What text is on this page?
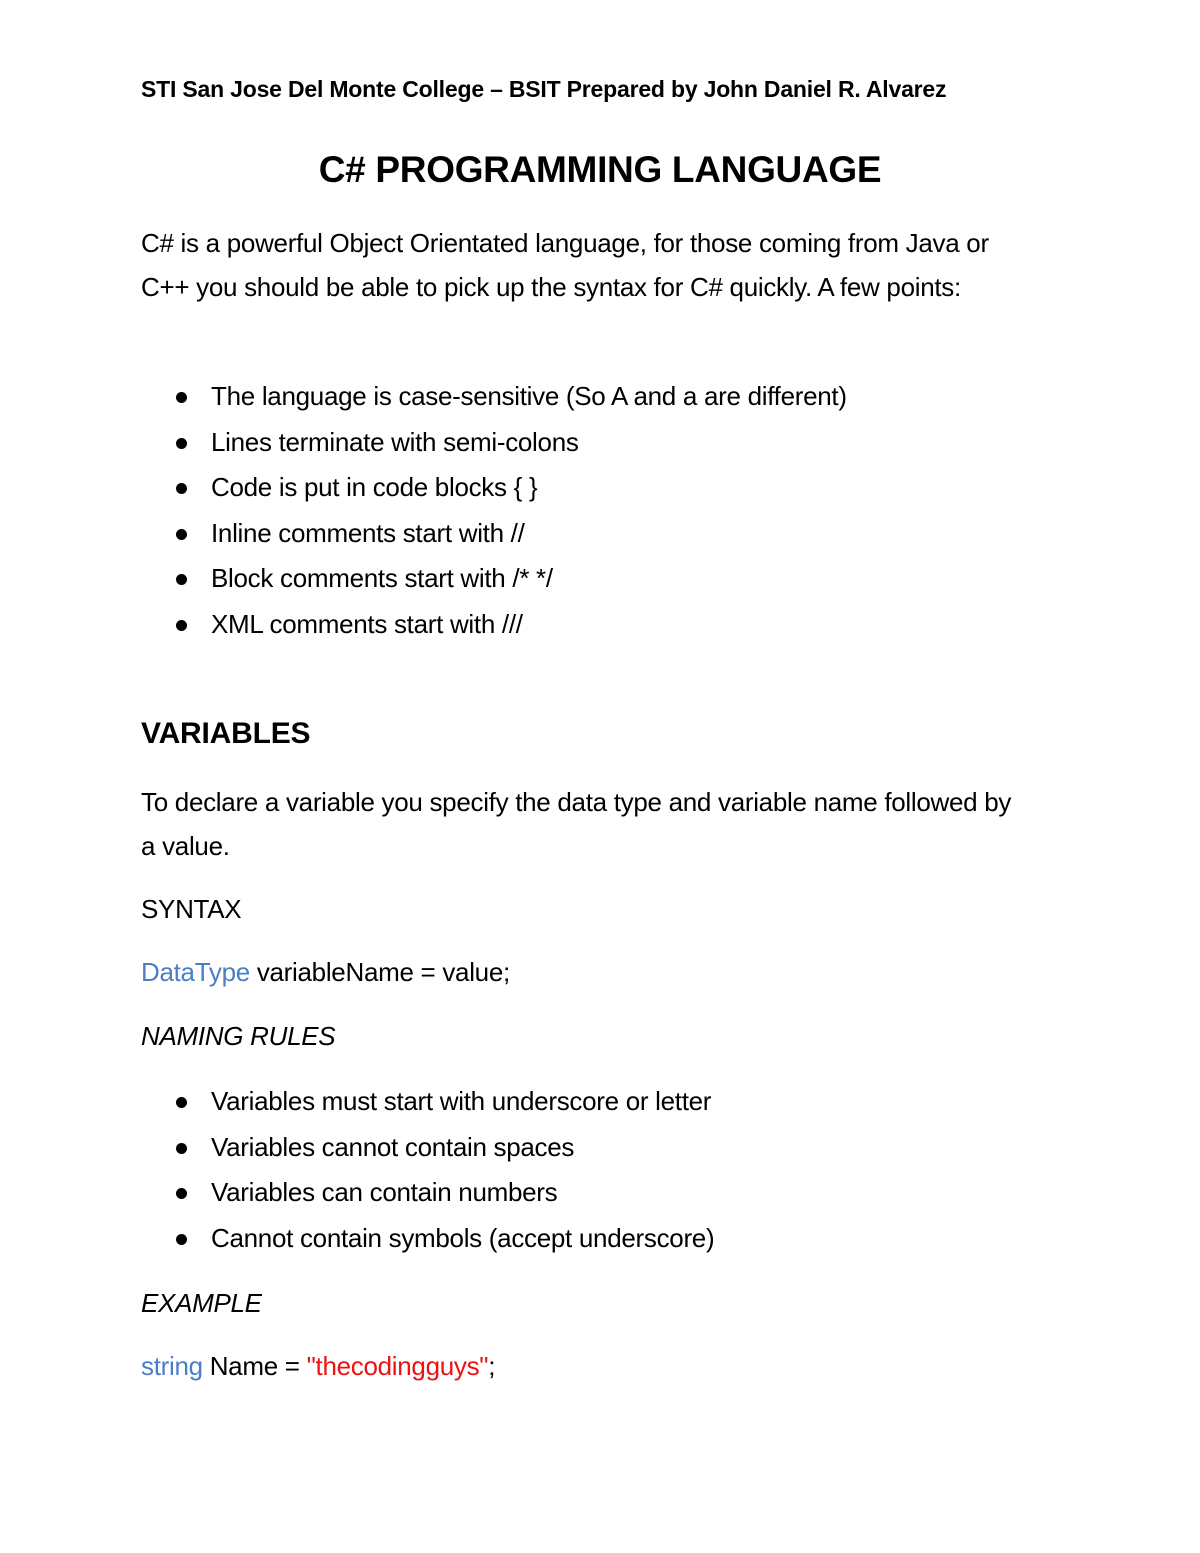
STI San Jose Del Monte College – BSIT Prepared by John Daniel R. Alvarez
C# PROGRAMMING LANGUAGE

C# is a powerful Object Orientated language, for those coming from Java or C++ you should be able to pick up the syntax for C# quickly. A few points:

The language is case-sensitive (So A and a are different)
Lines terminate with semi-colons
Code is put in code blocks { }
Inline comments start with //
Block comments start with /* */
XML comments start with ///
VARIABLES

To declare a variable you specify the data type and variable name followed by a value.

SYNTAX

DataType variableName = value;

NAMING RULES

Variables must start with underscore or letter
Variables cannot contain spaces
Variables can contain numbers
Cannot contain symbols (accept underscore)

EXAMPLE

string Name = "thecodingguys";
